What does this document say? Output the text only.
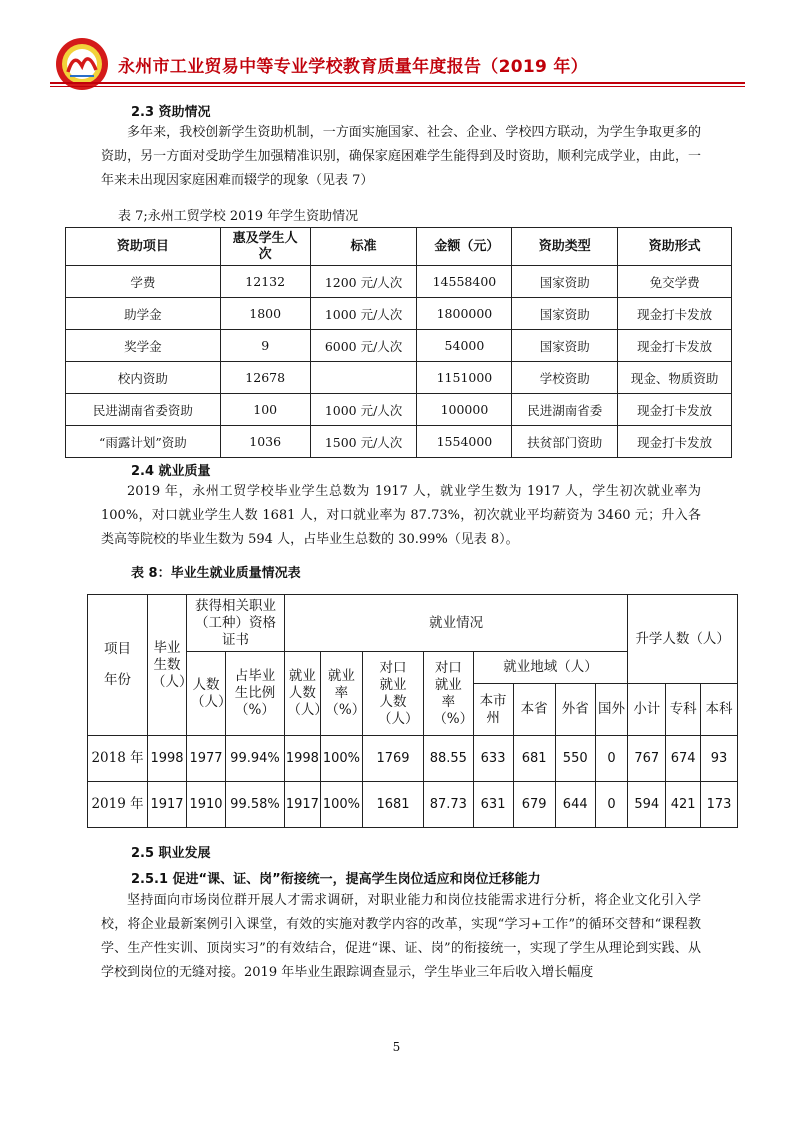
永州市工业贸易中等专业学校教育质量年度报告（2019 年）
2.3 资助情况

多年来，我校创新学生资助机制，一方面实施国家、社会、企业、学校四方联动，为学生争取更多的资助，另一方面对受助学生加强精准识别，确保家庭困难学生能得到及时资助，顺利完成学业，由此，一年来未出现因家庭困难而辍学的现象（见表 7）

表 7;永州工贸学校 2019 年学生资助情况
资助项目	惠及学生人次	标准	金额（元）	资助类型	资助形式
学费	12132	1200 元/人次	14558400	国家资助	免交学费
助学金	1800	1000 元/人次	1800000	国家资助	现金打卡发放
奖学金	9	6000 元/人次	54000	国家资助	现金打卡发放
校内资助	12678		1151000	学校资助	现金、物质资助
民进湖南省委资助	100	1000 元/人次	100000	民进湖南省委	现金打卡发放
“雨露计划”资助	1036	1500 元/人次	1554000	扶贫部门资助	现金打卡发放
2.4 就业质量

2019 年，永州工贸学校毕业学生总数为 1917 人，就业学生数为 1917 人，学生初次就业率为 100%，对口就业学生人数 1681 人，对口就业率为 87.73%，初次就业平均薪资为 3460 元；升入各类高等院校的毕业生数为 594 人，占毕业生总数的 30.99%（见表 8）。

表 8：毕业生就业质量情况表
项目
年份	毕业生数（人）	获得相关职业（工种）资格证书		就业情况								升学人数（人）		
		人数（人）	占毕业生比例（%）	就业人数（人）	就业率（%）	对口就业人数（人）	对口就业率（%）	就业地域（人）						
								本市州	本省	外省	国外	小计	专科	本科
2018 年	1998	1977	99.94%	1998	100%	1769	88.55	633	681	550	0	767	674	93
2019 年	1917	1910	99.58%	1917	100%	1681	87.73	631	679	644	0	594	421	173
2.5 职业发展
2.5.1 促进“课、证、岗”衔接统一，提高学生岗位适应和岗位迁移能力

坚持面向市场岗位群开展人才需求调研，对职业能力和岗位技能需求进行分析，将企业文化引入学校，将企业最新案例引入课堂，有效的实施对教学内容的改革，实现“学习+工作”的循环交替和“课程教学、生产性实训、顶岗实习”的有效结合，促进“课、证、岗”的衔接统一，实现了学生从理论到实践、从学校到岗位的无缝对接。2019 年毕业生跟踪调查显示，学生毕业三年后收入增长幅度

5
